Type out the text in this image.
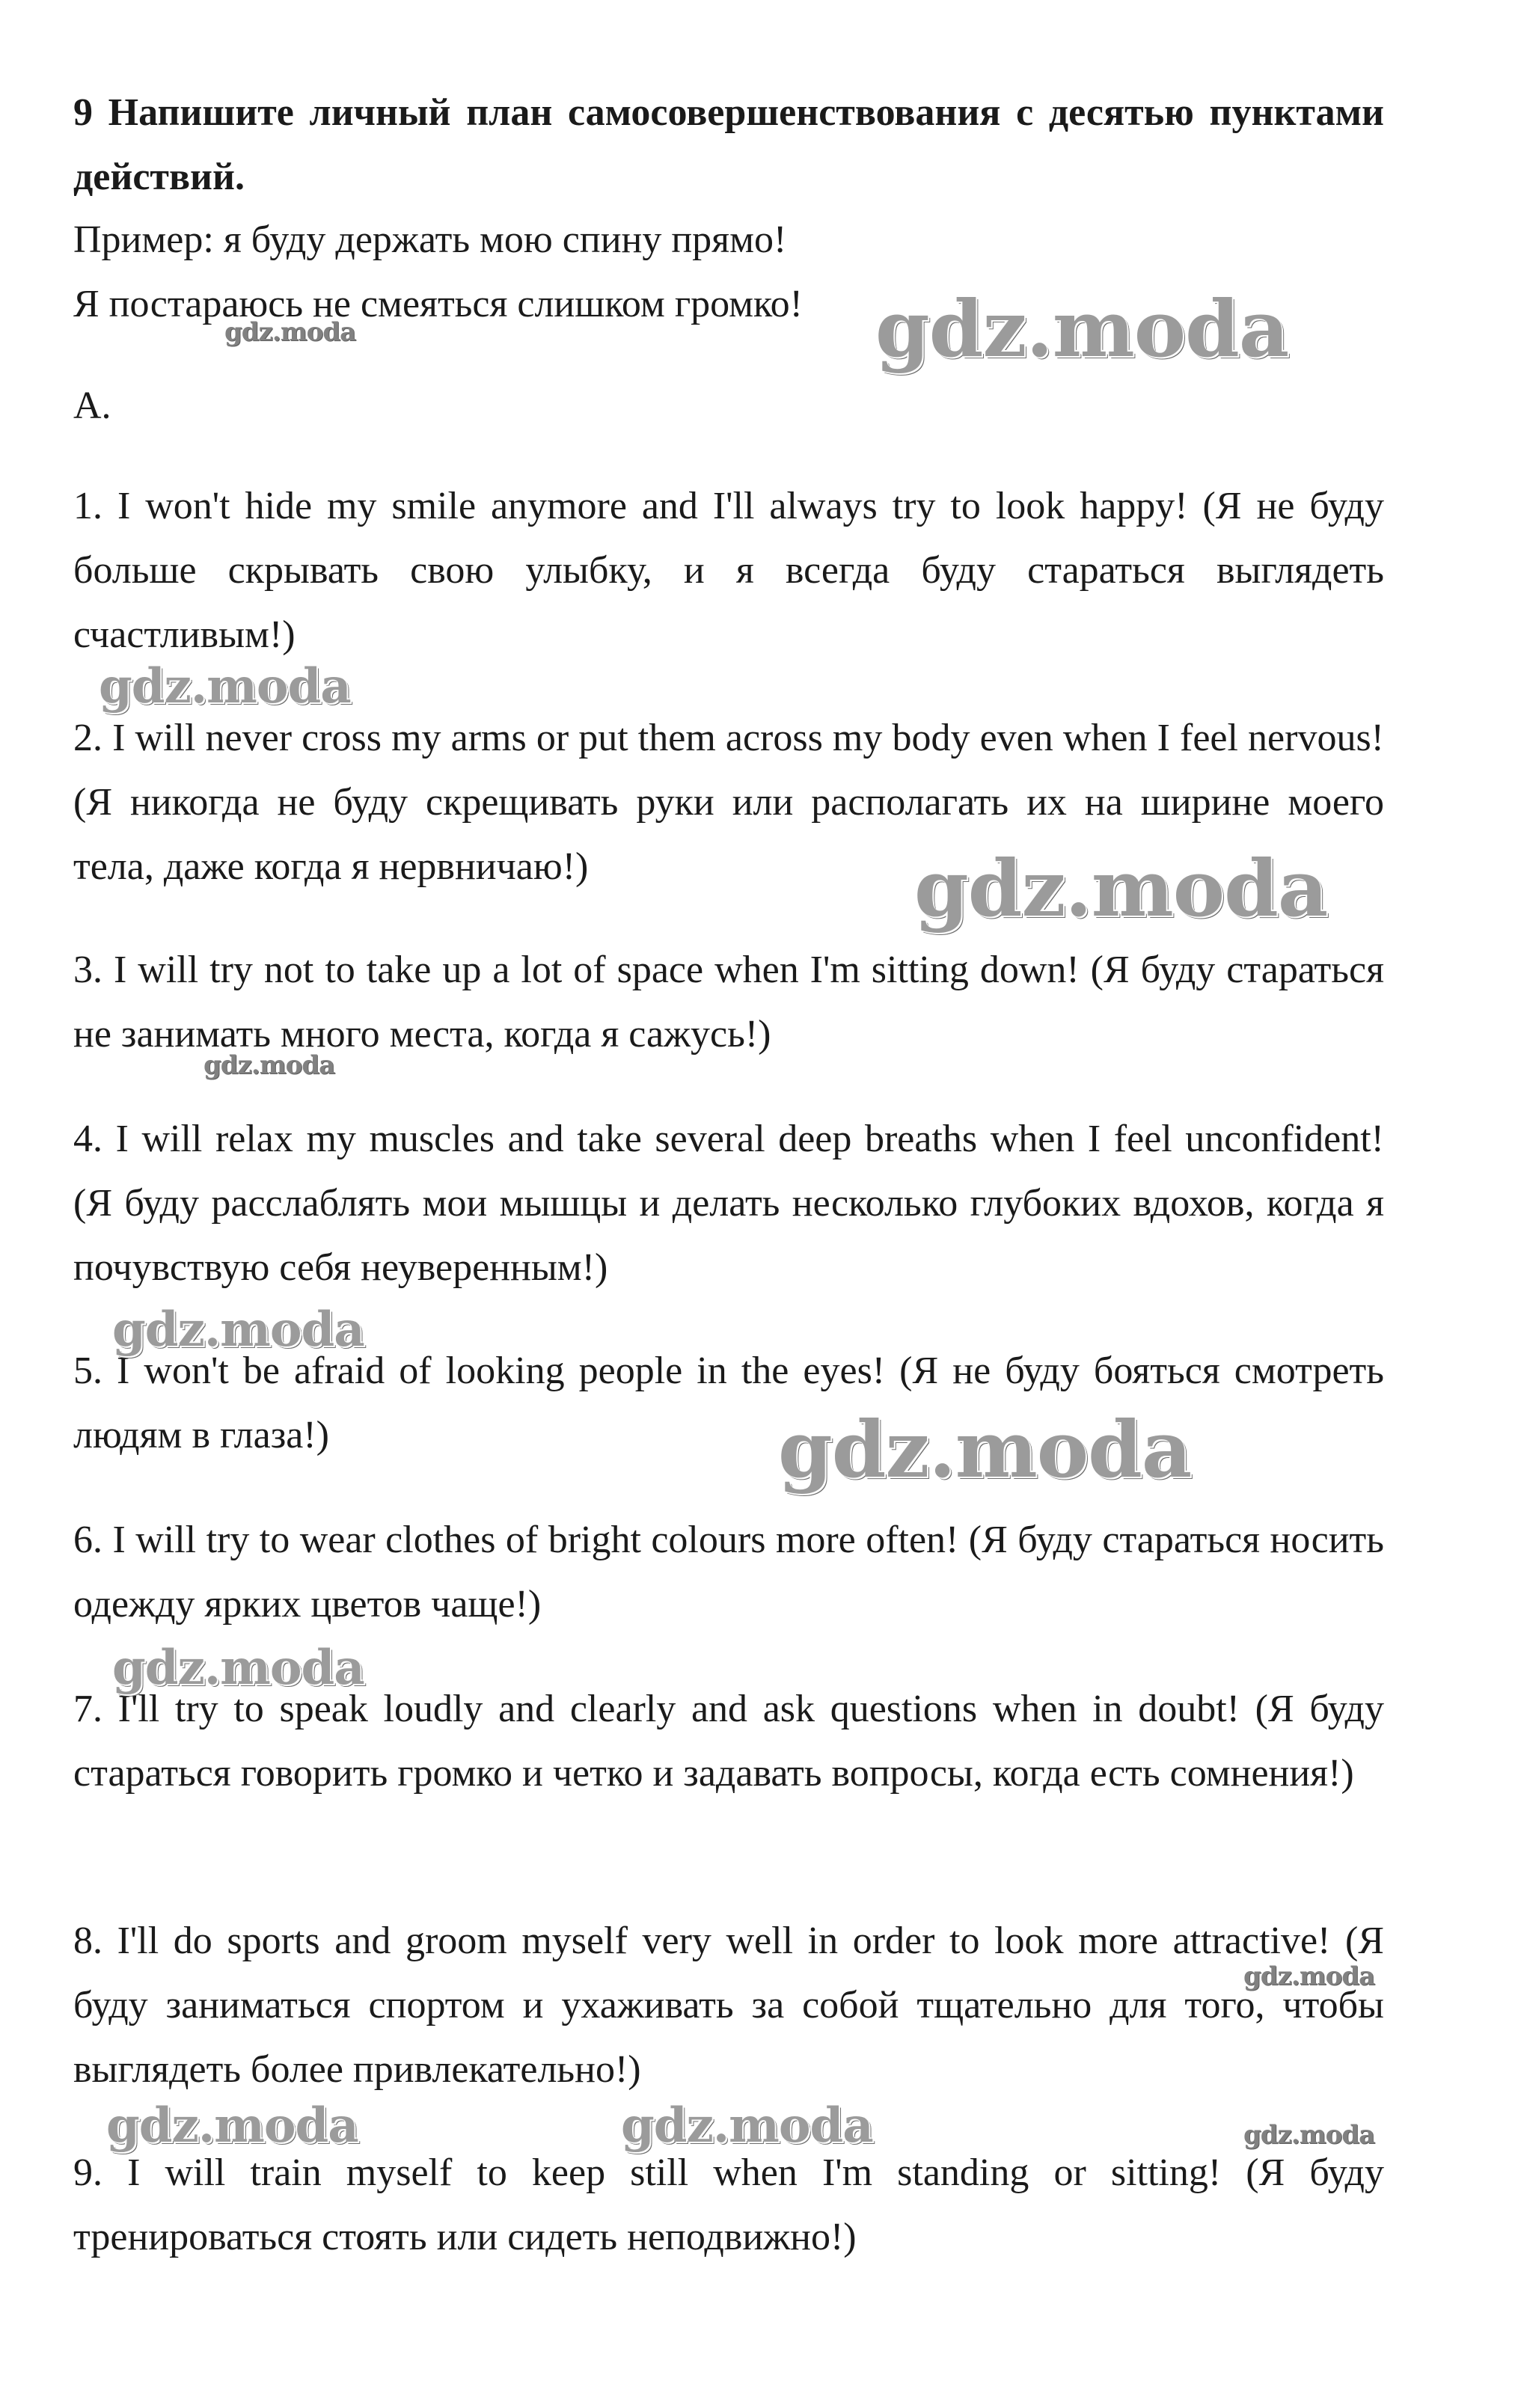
9 Напишите личный план самосовершенствования с десятью пунктами действий.

Пример: я буду держать мою спину прямо!

Я постараюсь не смеяться слишком громко!

A.

1. I won't hide my smile anymore and I'll always try to look happy! (Я не буду больше скрывать свою улыбку, и я всегда буду стараться выглядеть счастливым!)

2. I will never cross my arms or put them across my body even when I feel nervous! (Я никогда не буду скрещивать руки или располагать их на ширине моего тела, даже когда я нервничаю!)

3. I will try not to take up a lot of space when I'm sitting down! (Я буду стараться не занимать много места, когда я сажусь!)

4. I will relax my muscles and take several deep breaths when I feel unconfident! (Я буду расслаблять мои мышцы и делать несколько глубоких вдохов, когда я почувствую себя неуверенным!)

5. I won't be afraid of looking people in the eyes! (Я не буду бояться смотреть людям в глаза!)

6. I will try to wear clothes of bright colours more often! (Я буду стараться носить одежду ярких цветов чаще!)

7. I'll try to speak loudly and clearly and ask questions when in doubt! (Я буду стараться говорить громко и четко и задавать вопросы, когда есть сомнения!)

8. I'll do sports and groom myself very well in order to look more attractive! (Я буду заниматься спортом и ухаживать за собой тщательно для того, чтобы выглядеть более привлекательно!)

9. I will train myself to keep still when I'm standing or sitting! (Я буду тренироваться стоять или сидеть неподвижно!)

gdz.moda
gdz.moda
gdz.moda
gdz.moda
gdz.moda
gdz.moda
gdz.moda
gdz.moda
gdz.moda
gdz.moda	gdz.moda	gdz.moda
